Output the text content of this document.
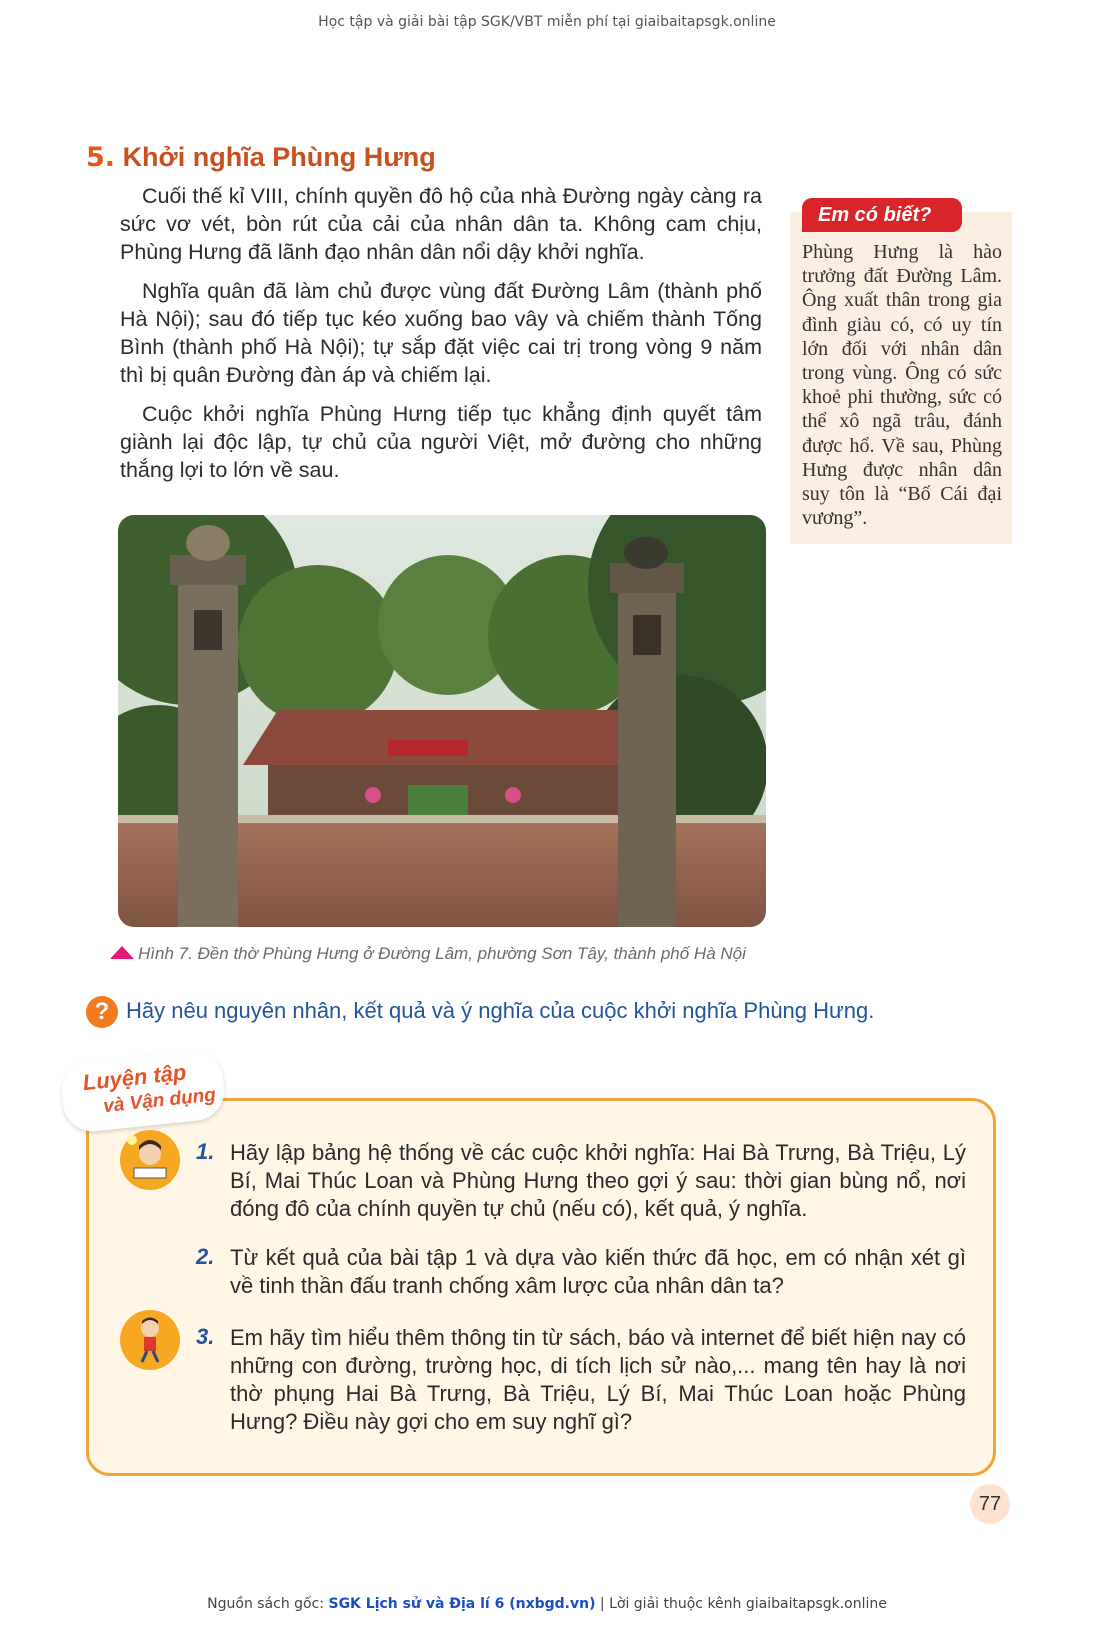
Học tập và giải bài tập SGK/VBT miễn phí tại giaibaitapsgk.online
5. Khởi nghĩa Phùng Hưng

Cuối thế kỉ VIII, chính quyền đô hộ của nhà Đường ngày càng ra sức vơ vét, bòn rút của cải của nhân dân ta. Không cam chịu, Phùng Hưng đã lãnh đạo nhân dân nổi dậy khởi nghĩa.

Nghĩa quân đã làm chủ được vùng đất Đường Lâm (thành phố Hà Nội); sau đó tiếp tục kéo xuống bao vây và chiếm thành Tống Bình (thành phố Hà Nội); tự sắp đặt việc cai trị trong vòng 9 năm thì bị quân Đường đàn áp và chiếm lại.

Cuộc khởi nghĩa Phùng Hưng tiếp tục khẳng định quyết tâm giành lại độc lập, tự chủ của người Việt, mở đường cho những thắng lợi to lớn về sau.

Em có biết?
Phùng Hưng là hào trưởng đất Đường Lâm. Ông xuất thân trong gia đình giàu có, có uy tín lớn đối với nhân dân trong vùng. Ông có sức khoẻ phi thường, sức có thể xô ngã trâu, đánh được hổ. Về sau, Phùng Hưng được nhân dân suy tôn là “Bố Cái đại vương”.
Hình 7. Đền thờ Phùng Hưng ở Đường Lâm, phường Sơn Tây, thành phố Hà Nội
? Hãy nêu nguyên nhân, kết quả và ý nghĩa của cuộc khởi nghĩa Phùng Hưng.
Luyện tập
và Vận dụng
1. Hãy lập bảng hệ thống về các cuộc khởi nghĩa: Hai Bà Trưng, Bà Triệu, Lý Bí, Mai Thúc Loan và Phùng Hưng theo gợi ý sau: thời gian bùng nổ, nơi đóng đô của chính quyền tự chủ (nếu có), kết quả, ý nghĩa.
2. Từ kết quả của bài tập 1 và dựa vào kiến thức đã học, em có nhận xét gì về tinh thần đấu tranh chống xâm lược của nhân dân ta?
3. Em hãy tìm hiểu thêm thông tin từ sách, báo và internet để biết hiện nay có những con đường, trường học, di tích lịch sử nào,... mang tên hay là nơi thờ phụng Hai Bà Trưng, Bà Triệu, Lý Bí, Mai Thúc Loan hoặc Phùng Hưng? Điều này gợi cho em suy nghĩ gì?
77
Nguồn sách gốc: SGK Lịch sử và Địa lí 6 (nxbgd.vn) | Lời giải thuộc kênh giaibaitapsgk.online
